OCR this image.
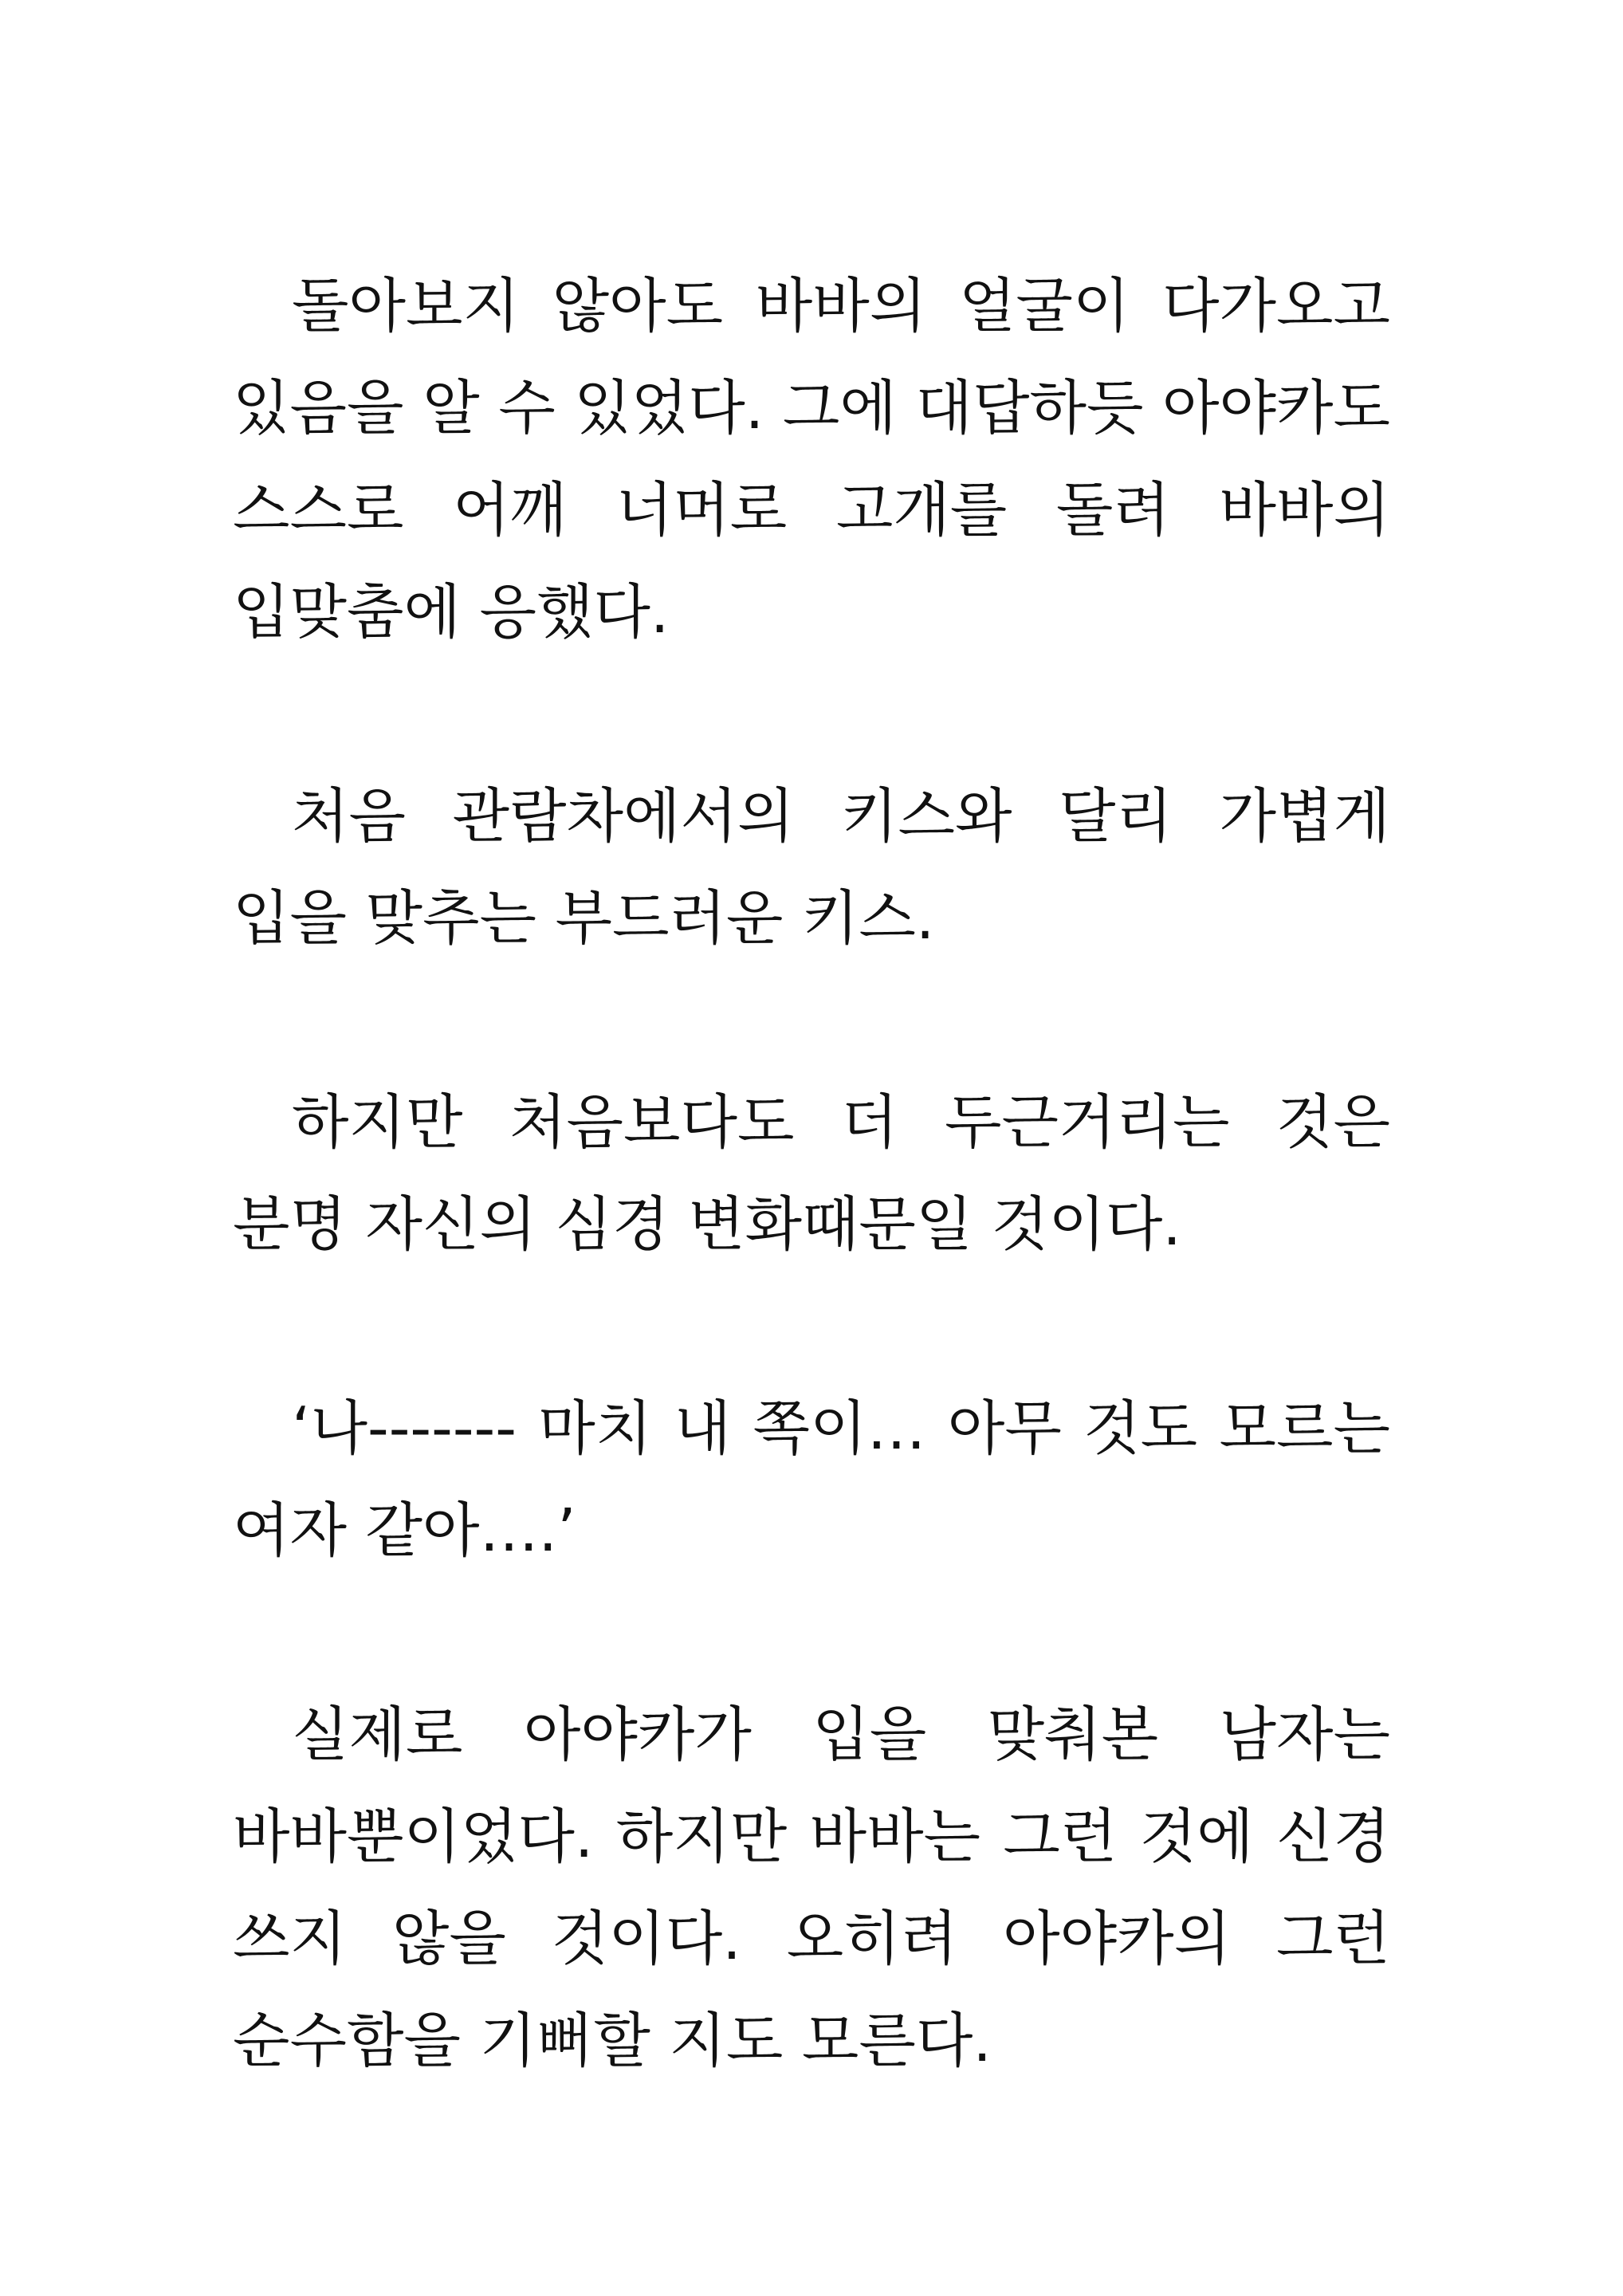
돌아보지 않아도 바바의 얼굴이 다가오고 있음을 알 수 있었다. 그에 대답하듯 아야카도 스스로 어깨 너머로 고개를 돌려 바바의 입맞춤에 응했다.

처음 관람차에서의 키스와 달리 가볍게 입을 맞추는 부드러운 키스.

하지만 처음보다도 더 두근거리는 것은 분명 자신의 심경 변화때문일 것이다.

‘나------- 마치 내 쪽이… 아무 것도 모르는 여자 같아….’

실제로 아야카가 입을 맞춰본 남자는 바바뿐이었다. 하지만 바바는 그런 것에 신경 쓰지 않을 것이다. 오히려 아야카의 그런 순수함을 기뻐할 지도 모른다.
